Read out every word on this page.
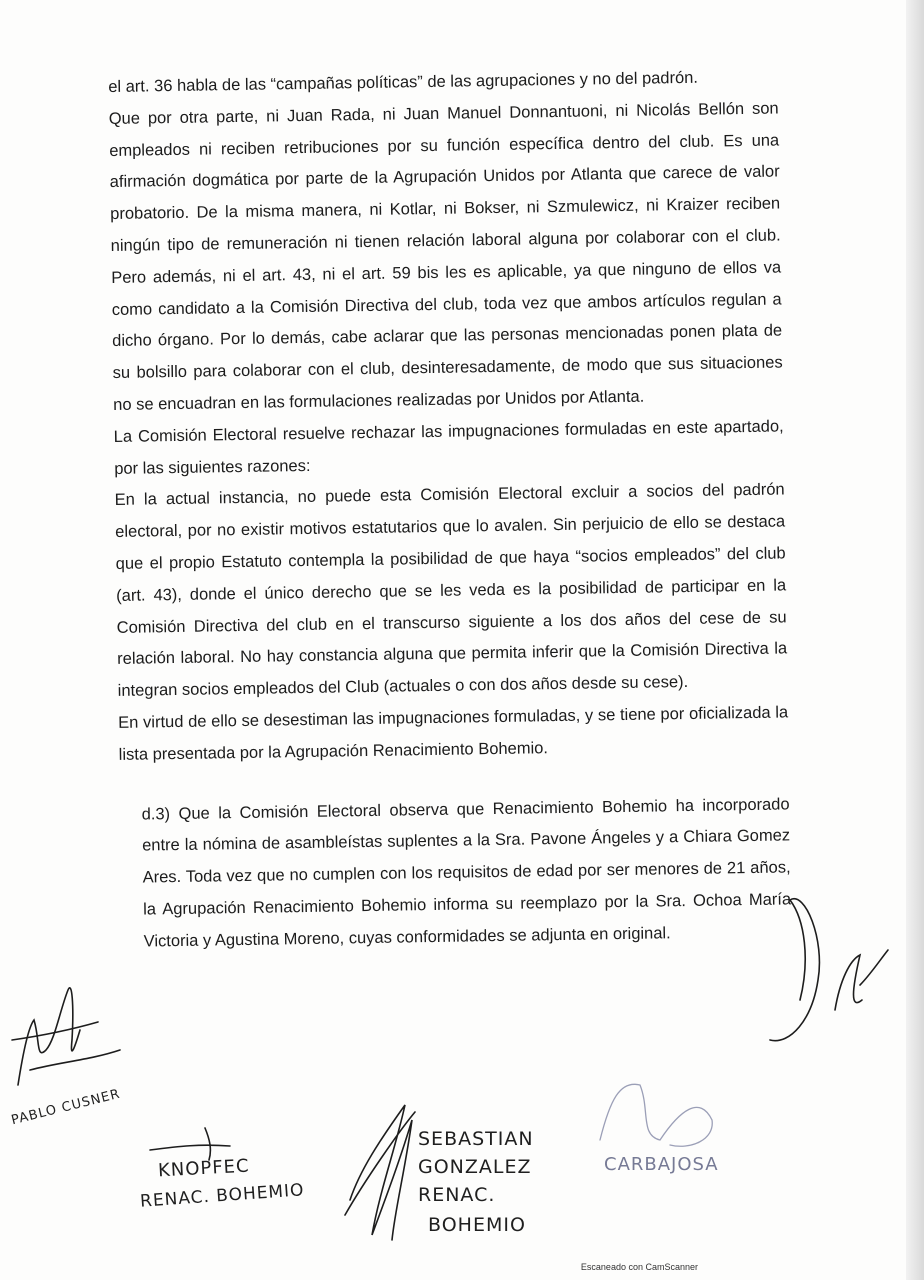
el art. 36 habla de las “campañas políticas” de las agrupaciones y no del padrón.

Que por otra parte, ni Juan Rada, ni Juan Manuel Donnantuoni, ni Nicolás Bellón son empleados ni reciben retribuciones por su función específica dentro del club. Es una afirmación dogmática por parte de la Agrupación Unidos por Atlanta que carece de valor probatorio. De la misma manera, ni Kotlar, ni Bokser, ni Szmulewicz, ni Kraizer reciben ningún tipo de remuneración ni tienen relación laboral alguna por colaborar con el club. Pero además, ni el art. 43, ni el art. 59 bis les es aplicable, ya que ninguno de ellos va como candidato a la Comisión Directiva del club, toda vez que ambos artículos regulan a dicho órgano. Por lo demás, cabe aclarar que las personas mencionadas ponen plata de su bolsillo para colaborar con el club, desinteresadamente, de modo que sus situaciones no se encuadran en las formulaciones realizadas por Unidos por Atlanta.

La Comisión Electoral resuelve rechazar las impugnaciones formuladas en este apartado, por las siguientes razones:

En la actual instancia, no puede esta Comisión Electoral excluir a socios del padrón electoral, por no existir motivos estatutarios que lo avalen. Sin perjuicio de ello se destaca que el propio Estatuto contempla la posibilidad de que haya “socios empleados” del club (art. 43), donde el único derecho que se les veda es la posibilidad de participar en la Comisión Directiva del club en el transcurso siguiente a los dos años del cese de su relación laboral. No hay constancia alguna que permita inferir que la Comisión Directiva la integran socios empleados del Club (actuales o con dos años desde su cese).

En virtud de ello se desestiman las impugnaciones formuladas, y se tiene por oficializada la lista presentada por la Agrupación Renacimiento Bohemio.

d.3) Que la Comisión Electoral observa que Renacimiento Bohemio ha incorporado entre la nómina de asambleístas suplentes a la Sra. Pavone Ángeles y a Chiara Gomez Ares. Toda vez que no cumplen con los requisitos de edad por ser menores de 21 años, la Agrupación Renacimiento Bohemio informa su reemplazo por la Sra. Ochoa María Victoria y Agustina Moreno, cuyas conformidades se adjunta en original.

PABLO CUSNER
KNOPFEC
RENAC. BOHEMIO
SEBASTIAN
GONZALEZ
RENAC.
BOHEMIO
CARBAJOSA
Escaneado con CamScanner
